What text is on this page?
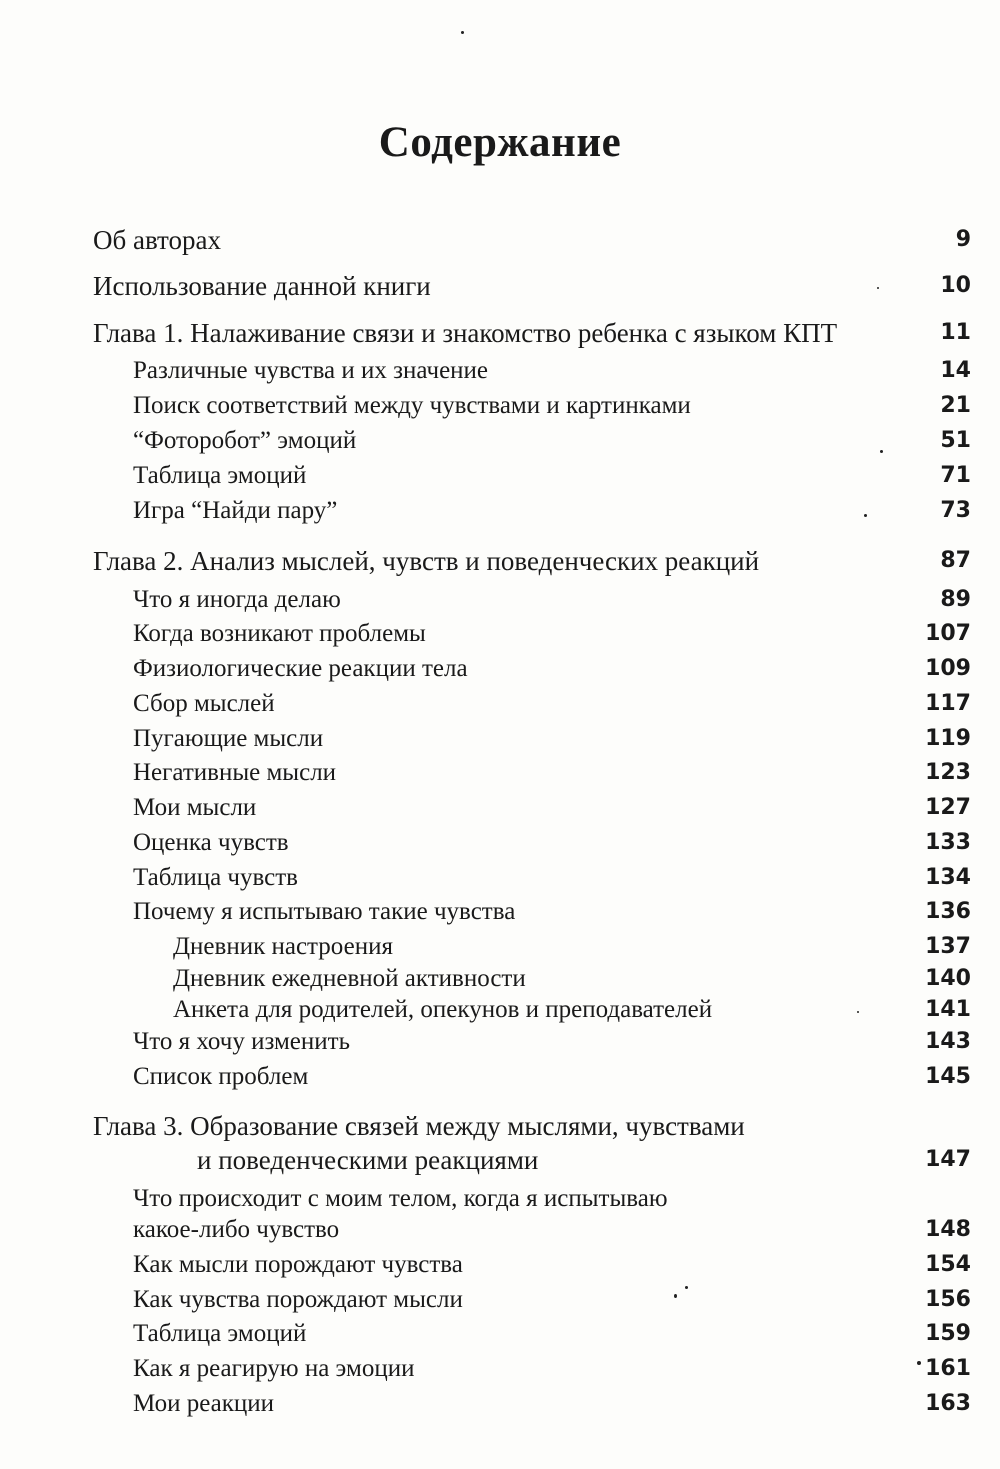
Содержание
Об авторах	9
Использование данной книги	10
Глава 1. Налаживание связи и знакомство ребенка с языком КПТ	11
Различные чувства и их значение	14
Поиск соответствий между чувствами и картинками	21
“Фоторобот” эмоций	51
Таблица эмоций	71
Игра “Найди пару”	73
Глава 2. Анализ мыслей, чувств и поведенческих реакций	87
Что я иногда делаю	89
Когда возникают проблемы	107
Физиологические реакции тела	109
Сбор мыслей	117
Пугающие мысли	119
Негативные мысли	123
Мои мысли	127
Оценка чувств	133
Таблица чувств	134
Почему я испытываю такие чувства	136
Дневник настроения	137
Дневник ежедневной активности	140
Анкета для родителей, опекунов и преподавателей	141
Что я хочу изменить	143
Список проблем	145
Глава 3. Образование связей между мыслями, чувствами
и поведенческими реакциями	147
Что происходит с моим телом, когда я испытываю
какое-либо чувство	148
Как мысли порождают чувства	154
Как чувства порождают мысли	156
Таблица эмоций	159
Как я реагирую на эмоции	161
Мои реакции	163
